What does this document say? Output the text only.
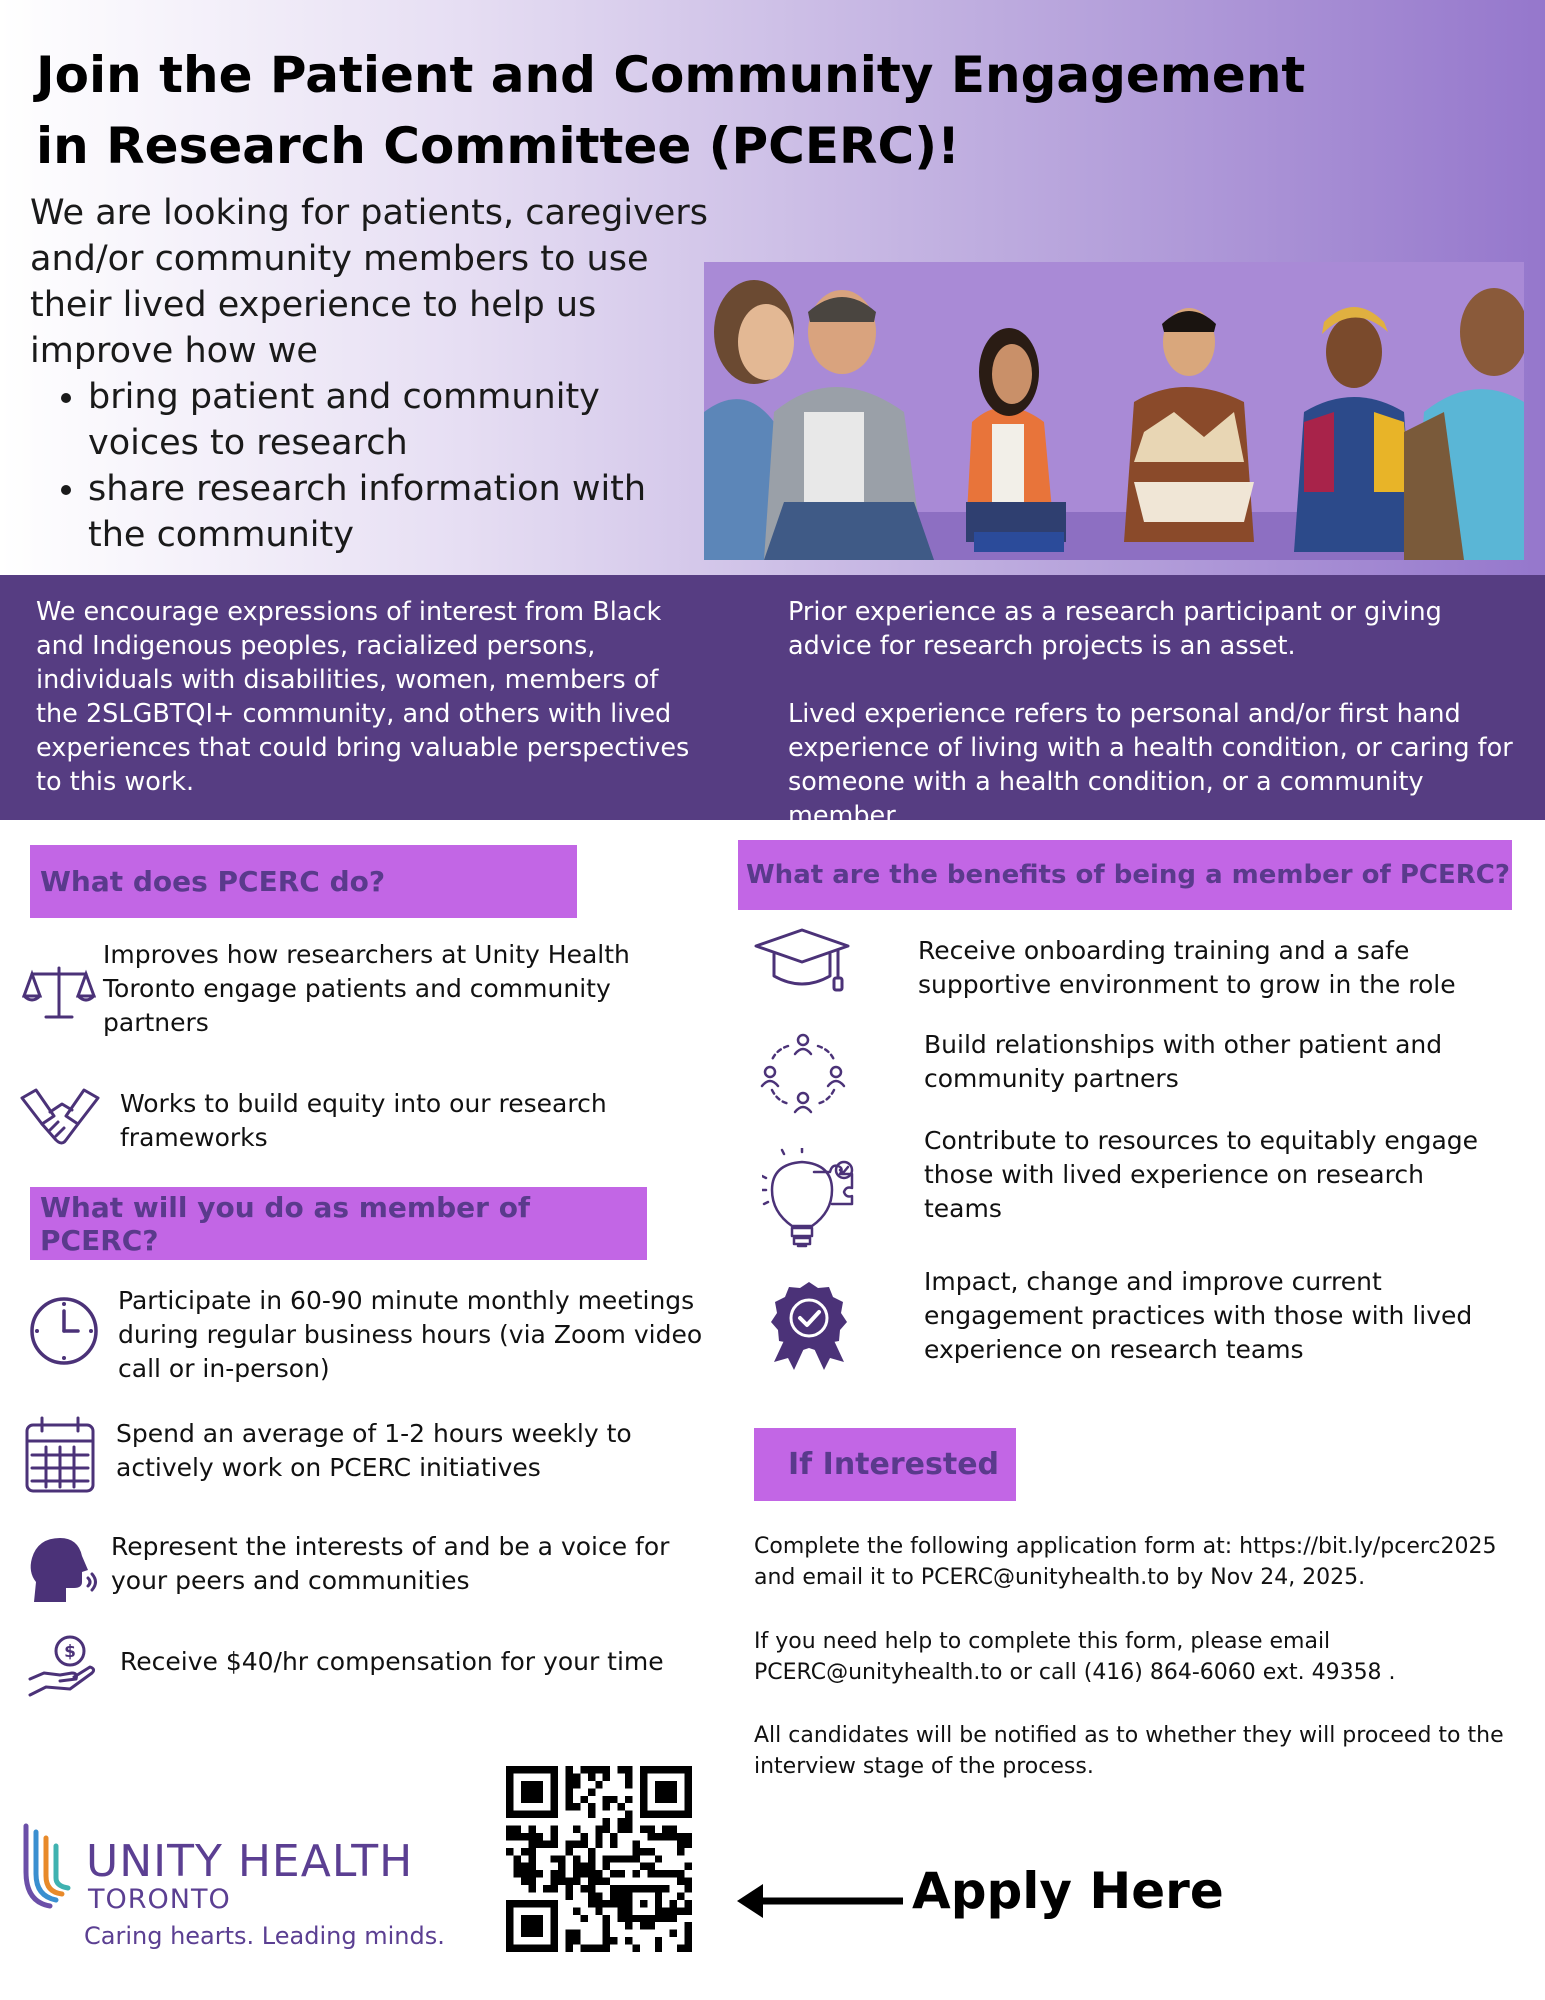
Join the Patient and Community Engagement in Research Committee (PCERC)!
We are looking for patients, caregivers and/or community members to use their lived experience to help us improve how we
• bring patient and community voices to research
• share research information with the community

We encourage expressions of interest from Black and Indigenous peoples, racialized persons, individuals with disabilities, women, members of the 2SLGBTQI+ community, and others with lived experiences that could bring valuable perspectives to this work.

Prior experience as a research participant or giving advice for research projects is an asset.

Lived experience refers to personal and/or first hand experience of living with a health condition, or caring for someone with a health condition, or a community member

What does PCERC do?
Improves how researchers at Unity Health Toronto engage patients and community partners
Works to build equity into our research frameworks
What will you do as member of PCERC?
Participate in 60-90 minute monthly meetings during regular business hours (via Zoom video call or in-person)
Spend an average of 1-2 hours weekly to actively work on PCERC initiatives
Represent the interests of and be a voice for your peers and communities
$ Receive $40/hr compensation for your time
What are the benefits of being a member of PCERC?
Receive onboarding training and a safe supportive environment to grow in the role
Build relationships with other patient and community partners
Contribute to resources to equitably engage those with lived experience on research teams
Impact, change and improve current engagement practices with those with lived experience on research teams
If Interested
Complete the following application form at: https://bit.ly/pcerc2025 and email it to PCERC@unityhealth.to by Nov 24, 2025.
If you need help to complete this form, please email PCERC@unityhealth.to or call (416) 864-6060 ext. 49358 .
All candidates will be notified as to whether they will proceed to the interview stage of the process.
UNITY HEALTH
TORONTO
Caring hearts. Leading minds.
Apply Here
